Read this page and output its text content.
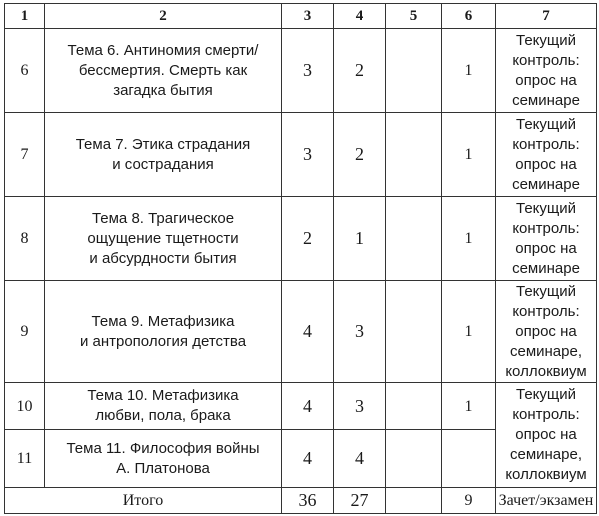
1	2	3	4	5	6	7
6	Тема 6. Антиномия смерти/
бессмертия. Смерть как
загадка бытия	3	2		1	Текущий
контроль:
опрос на
семинаре

7	Тема 7. Этика страдания
и сострадания	3	2		1	Текущий
контроль:
опрос на
семинаре

8	Тема 8. Трагическое
ощущение тщетности
и абсурдности бытия	2	1		1	Текущий
контроль:
опрос на
семинаре

9	Тема 9. Метафизика
и антропология детства	4	3		1	Текущий
контроль:
опрос на
семинаре,
коллоквиум

10	Тема 10. Метафизика
любви, пола, брака	4	3		1	Текущий
контроль:
опрос на
семинаре,
коллоквиум

11	Тема 11. Философия войны
А. Платонова	4	4			
Итого		36	27		9	Зачет/экзамен
